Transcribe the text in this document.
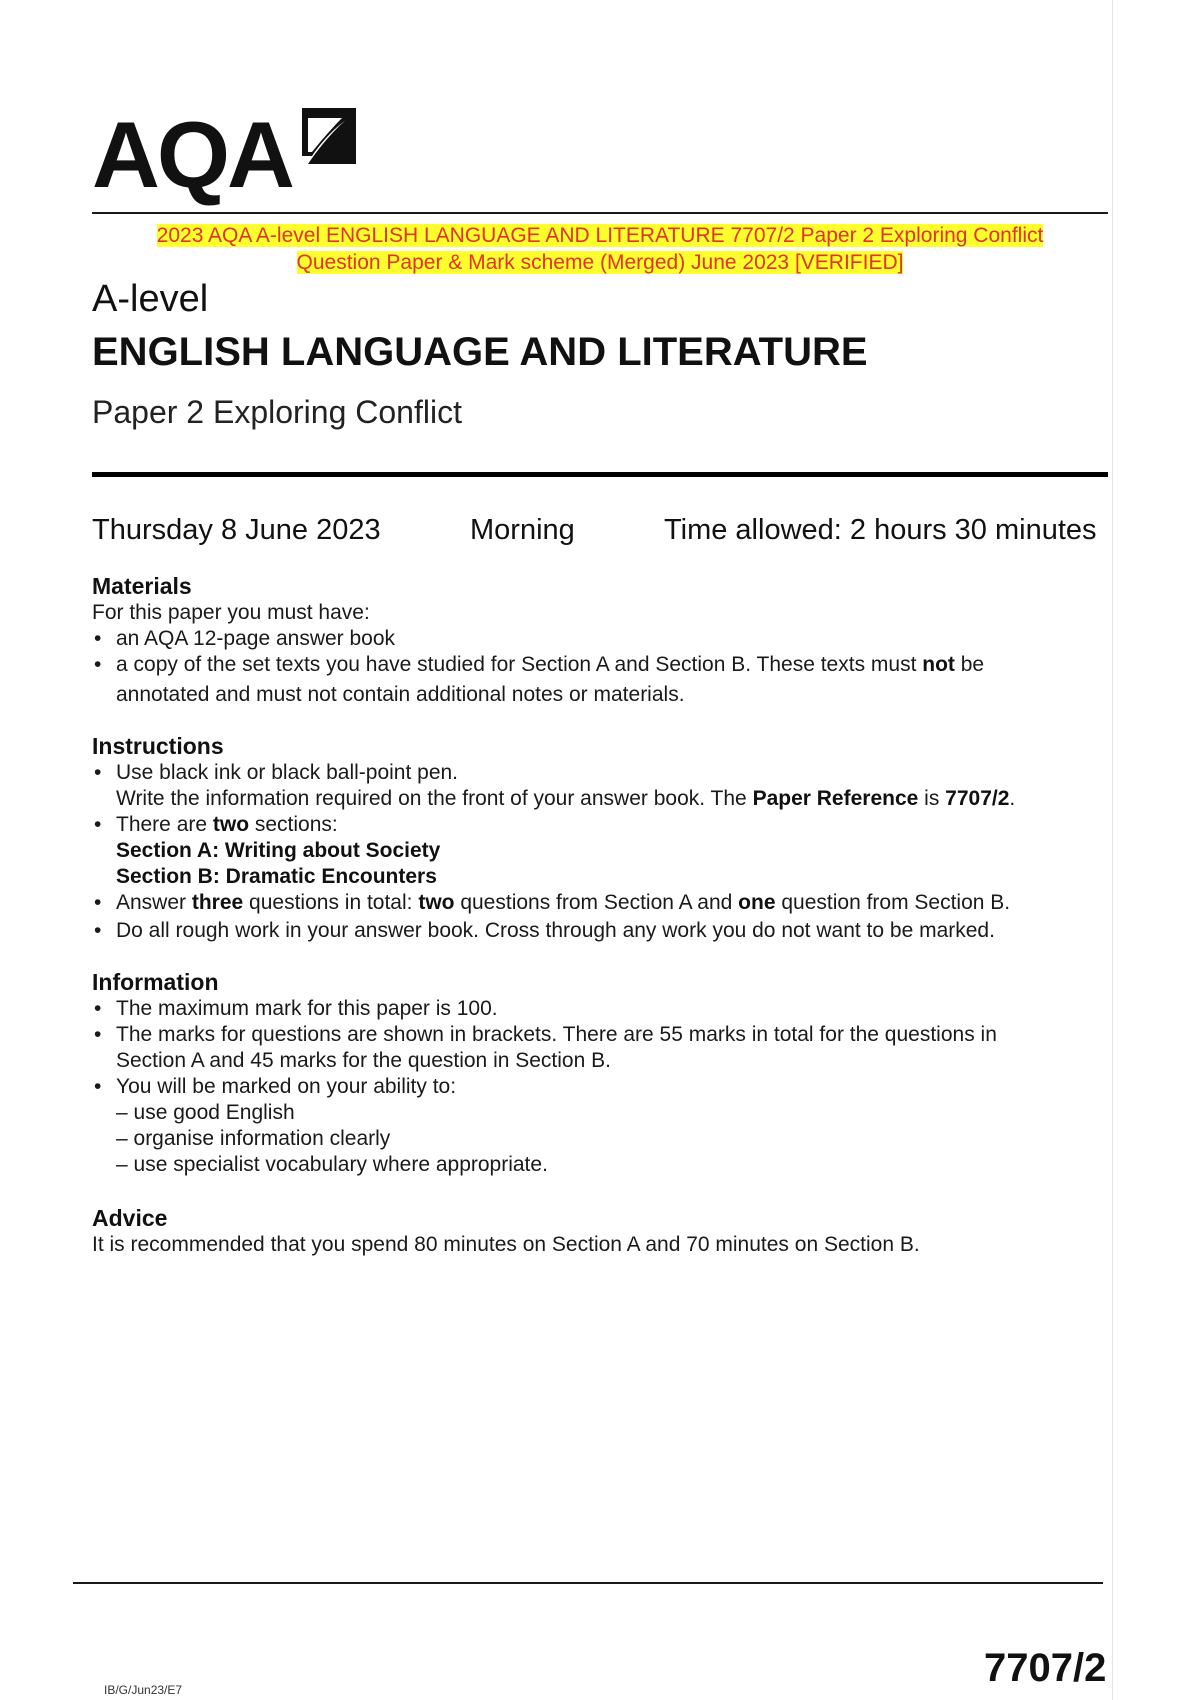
AQA
2023 AQA A-level ENGLISH LANGUAGE AND LITERATURE 7707/2 Paper 2 Exploring Conflict
Question Paper & Mark scheme (Merged) June 2023 [VERIFIED]
A-level
ENGLISH LANGUAGE AND LITERATURE
Paper 2 Exploring Conflict
Thursday 8 June 2023	Morning	Time allowed: 2 hours 30 minutes
Materials

For this paper you must have:

• an AQA 12-page answer book
• a copy of the set texts you have studied for Section A and Section B. These texts must not be
annotated and must not contain additional notes or materials.
Instructions
• Use black ink or black ball-point pen.
Write the information required on the front of your answer book. The Paper Reference is 7707/2.
• There are two sections:
Section A: Writing about Society
Section B: Dramatic Encounters
• Answer three questions in total: two questions from Section A and one question from Section B.
• Do all rough work in your answer book. Cross through any work you do not want to be marked.
Information
• The maximum mark for this paper is 100.
• The marks for questions are shown in brackets. There are 55 marks in total for the questions in
Section A and 45 marks for the question in Section B.
• You will be marked on your ability to:
– use good English
– organise information clearly
– use specialist vocabulary where appropriate.
Advice

It is recommended that you spend 80 minutes on Section A and 70 minutes on Section B.

IB/G/Jun23/E7	7707/2
